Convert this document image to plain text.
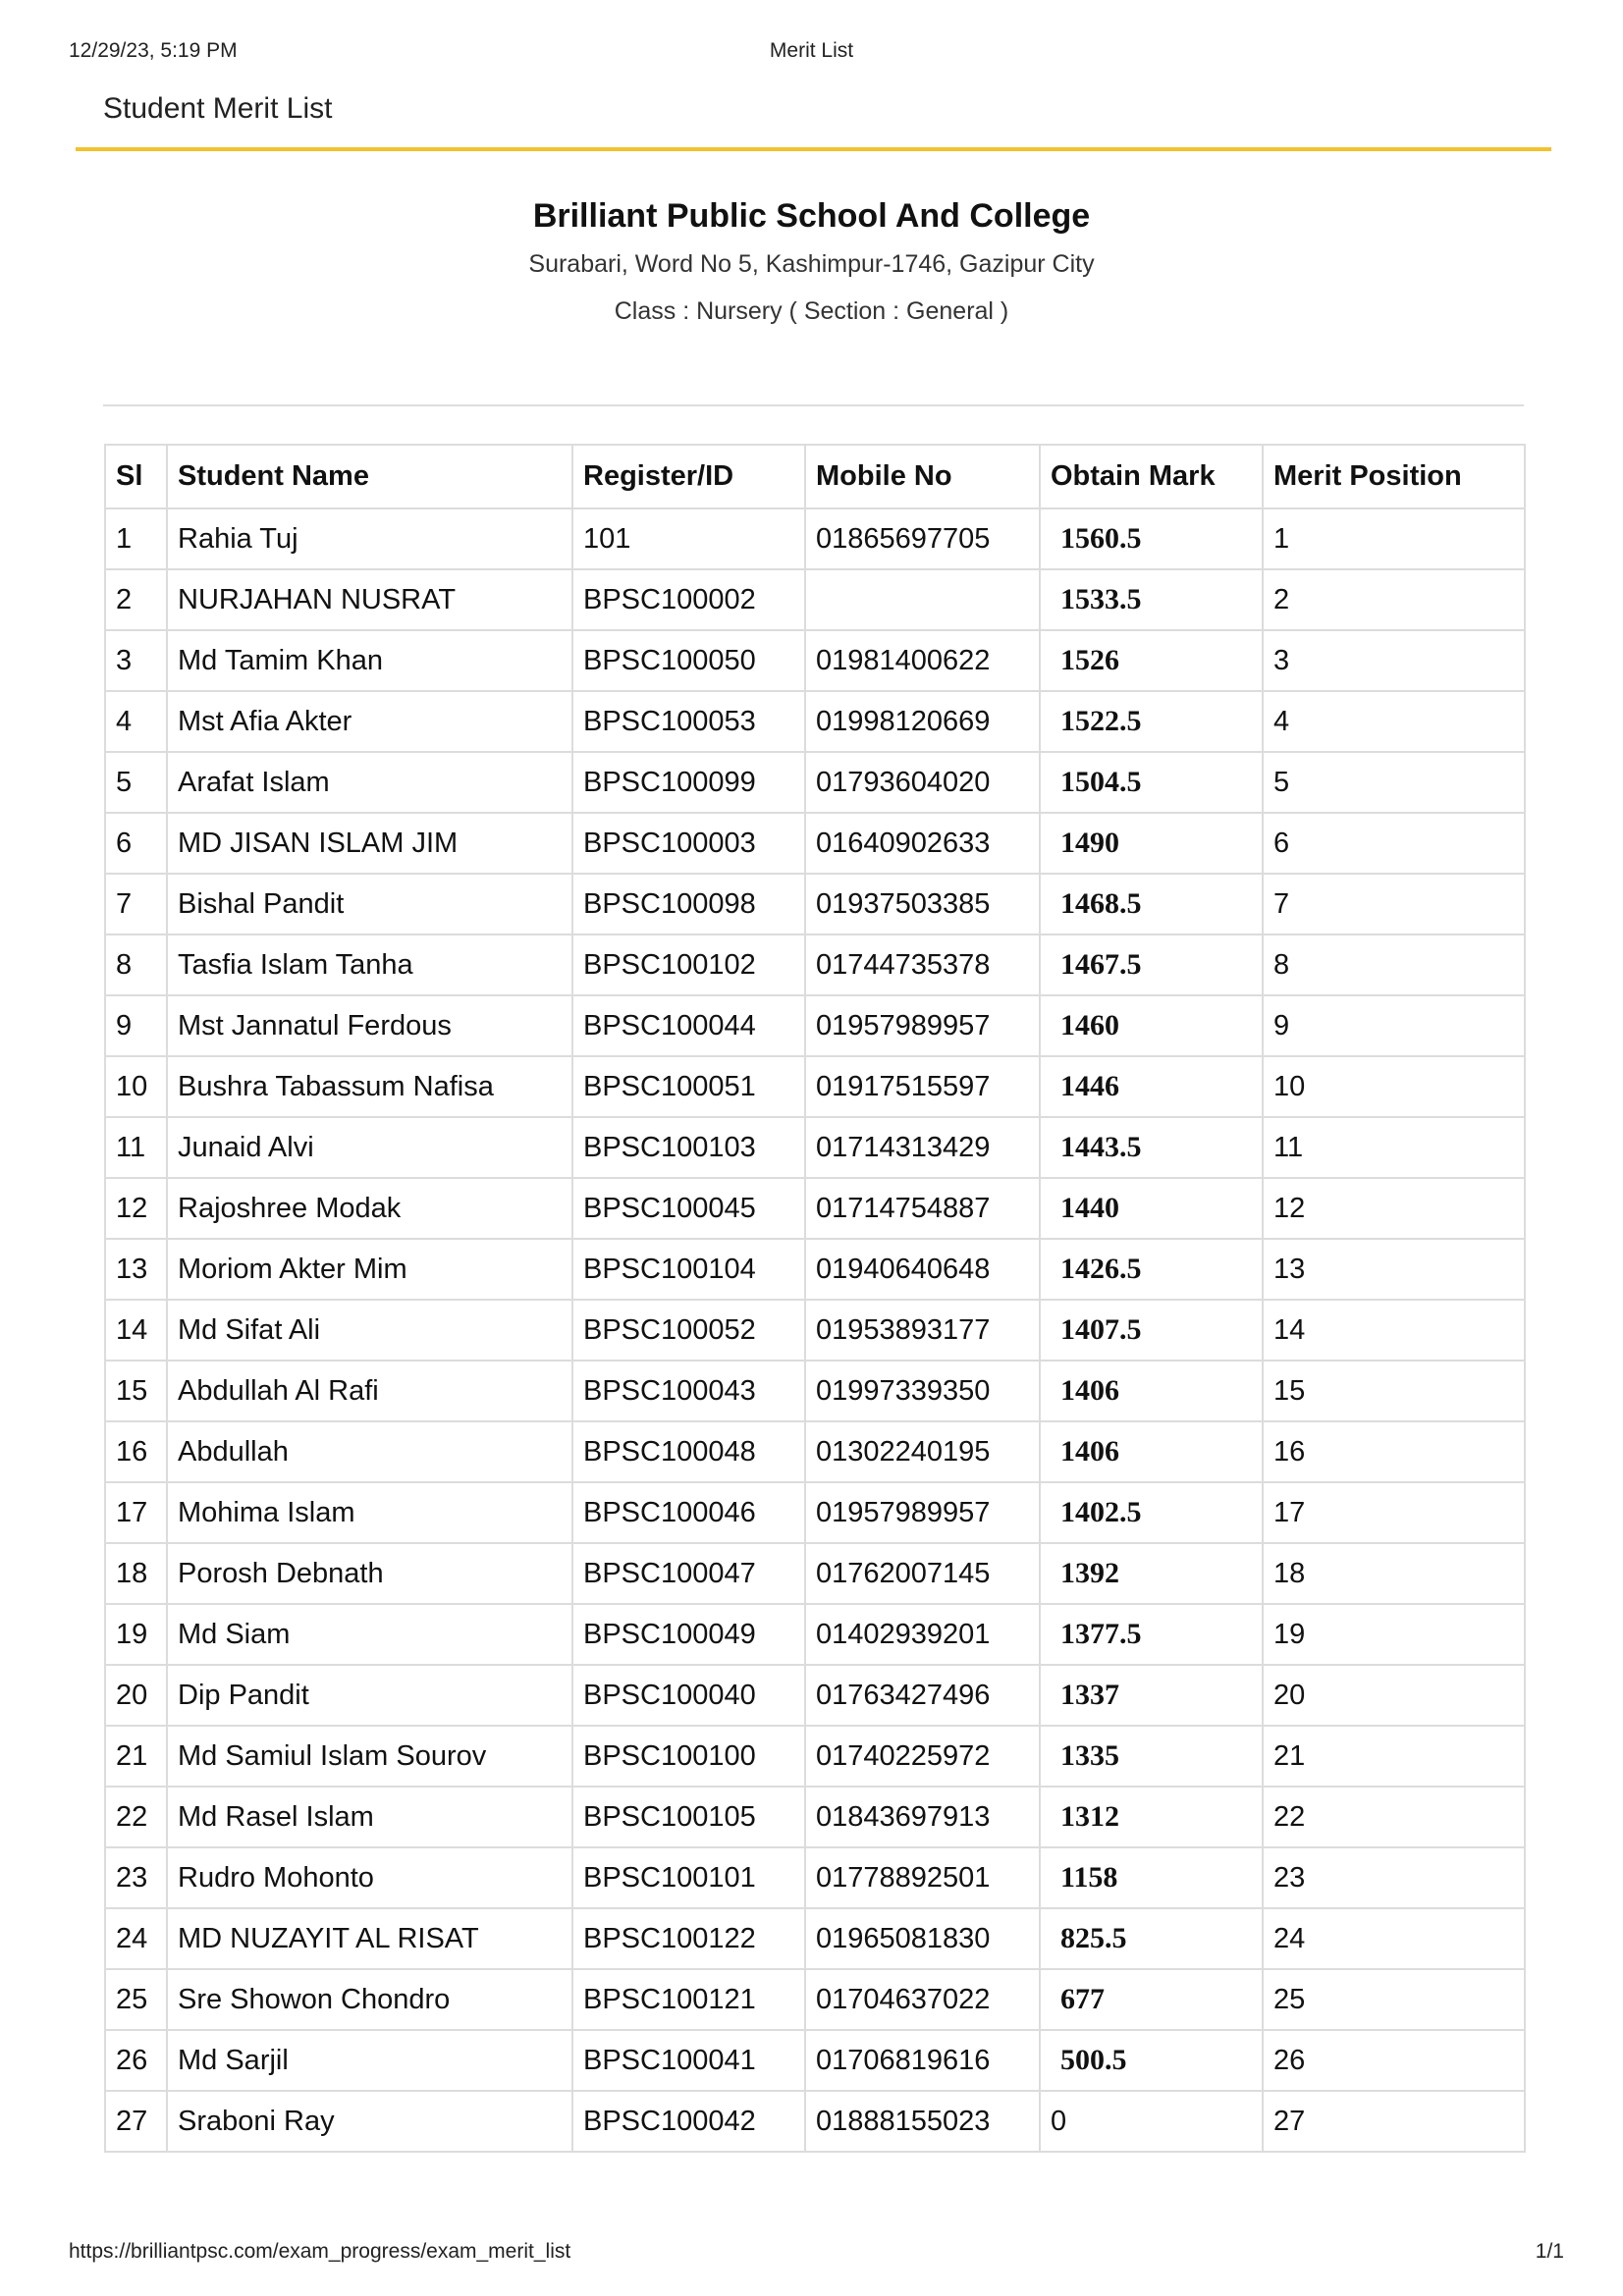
12/29/23, 5:19 PM	Merit List
Student Merit List
Brilliant Public School And College
Surabari, Word No 5, Kashimpur-1746, Gazipur City
Class : Nursery ( Section : General )
Sl	Student Name	Register/ID	Mobile No	Obtain Mark	Merit Position
1	Rahia Tuj	101	01865697705	1560.5	1
2	NURJAHAN NUSRAT	BPSC100002		1533.5	2
3	Md Tamim Khan	BPSC100050	01981400622	1526	3
4	Mst Afia Akter	BPSC100053	01998120669	1522.5	4
5	Arafat Islam	BPSC100099	01793604020	1504.5	5
6	MD JISAN ISLAM JIM	BPSC100003	01640902633	1490	6
7	Bishal Pandit	BPSC100098	01937503385	1468.5	7
8	Tasfia Islam Tanha	BPSC100102	01744735378	1467.5	8
9	Mst Jannatul Ferdous	BPSC100044	01957989957	1460	9
10	Bushra Tabassum Nafisa	BPSC100051	01917515597	1446	10
11	Junaid Alvi	BPSC100103	01714313429	1443.5	11
12	Rajoshree Modak	BPSC100045	01714754887	1440	12
13	Moriom Akter Mim	BPSC100104	01940640648	1426.5	13
14	Md Sifat Ali	BPSC100052	01953893177	1407.5	14
15	Abdullah Al Rafi	BPSC100043	01997339350	1406	15
16	Abdullah	BPSC100048	01302240195	1406	16
17	Mohima Islam	BPSC100046	01957989957	1402.5	17
18	Porosh Debnath	BPSC100047	01762007145	1392	18
19	Md Siam	BPSC100049	01402939201	1377.5	19
20	Dip Pandit	BPSC100040	01763427496	1337	20
21	Md Samiul Islam Sourov	BPSC100100	01740225972	1335	21
22	Md Rasel Islam	BPSC100105	01843697913	1312	22
23	Rudro Mohonto	BPSC100101	01778892501	1158	23
24	MD NUZAYIT AL RISAT	BPSC100122	01965081830	825.5	24
25	Sre Showon Chondro	BPSC100121	01704637022	677	25
26	Md Sarjil	BPSC100041	01706819616	500.5	26
27	Sraboni Ray	BPSC100042	01888155023	0	27
https://brilliantpsc.com/exam_progress/exam_merit_list	1/1
